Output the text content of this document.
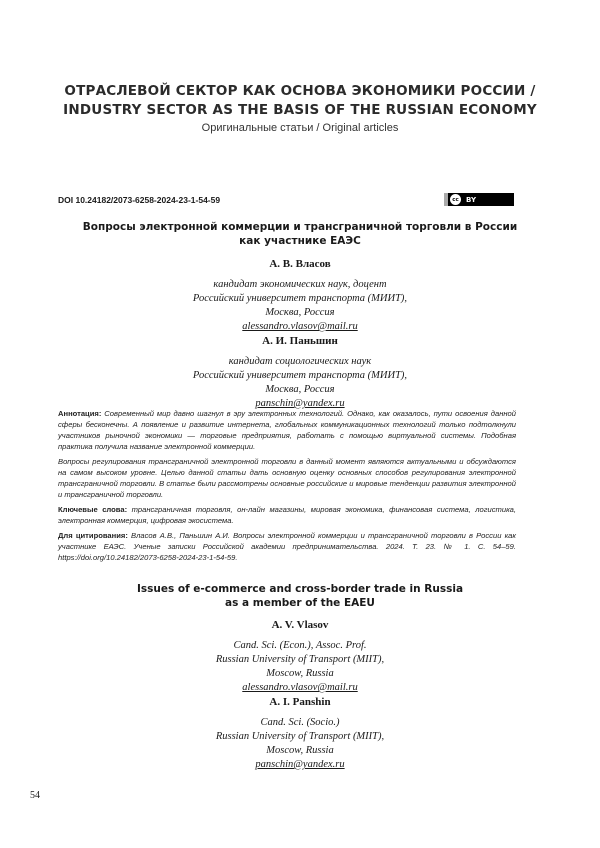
ОТРАСЛЕВОЙ СЕКТОР КАК ОСНОВА ЭКОНОМИКИ РОССИИ /
INDUSTRY SECTOR AS THE BASIS OF THE RUSSIAN ECONOMY
Оригинальные статьи / Original articles
DOI 10.24182/2073-6258-2024-23-1-54-59	cc	BY
Вопросы электронной коммерции и трансграничной торговли в России
как участнике ЕАЭС
А. В. Власов
кандидат экономических наук, доцент
Российский университет транспорта (МИИТ),
Москва, Россия
alessandro.vlasov@mail.ru
А. И. Паньшин
кандидат социологических наук
Российский университет транспорта (МИИТ),
Москва, Россия
panschin@yandex.ru

Аннотация: Современный мир давно шагнул в эру электронных технологий. Однако, как оказалось, пути освоения данной сферы бесконечны. А появление и развитие интернета, глобальных коммуникационных технологий только подтолкнули участников рыночной экономики — торговые предприятия, работать с помощью виртуальной системы. Подобная практика получила название электронной коммерции.

Вопросы регулирования трансграничной электронной торговли в данный момент являются актуальными и обсуждаются на самом высоком уровне. Целью данной статьи дать основную оценку основных способов регулирования электронной трансграничной торговли. В статье были рассмотрены основные российские и мировые тенденции развития электронной и трансграничной торговли.

Ключевые слова: трансграничная торговля, он-лайн магазины, мировая экономика, финансовая система, логистика, электронная коммерция, цифровая экосистема.

Для цитирования: Власов А.В., Паньшин А.И. Вопросы электронной коммерции и трансграничной торговли в России как участнике ЕАЭС. Ученые записки Российской академии предпринимательства. 2024. Т. 23. № 1. С. 54–59. https://doi.org/10.24182/2073-6258-2024-23-1-54-59.

Issues of e-commerce and cross-border trade in Russia
as a member of the EAEU
A. V. Vlasov
Cand. Sci. (Econ.), Assoc. Prof.
Russian University of Transport (MIIT),
Moscow, Russia
alessandro.vlasov@mail.ru
A. I. Panshin
Cand. Sci. (Socio.)
Russian University of Transport (MIIT),
Moscow, Russia
panschin@yandex.ru
54
